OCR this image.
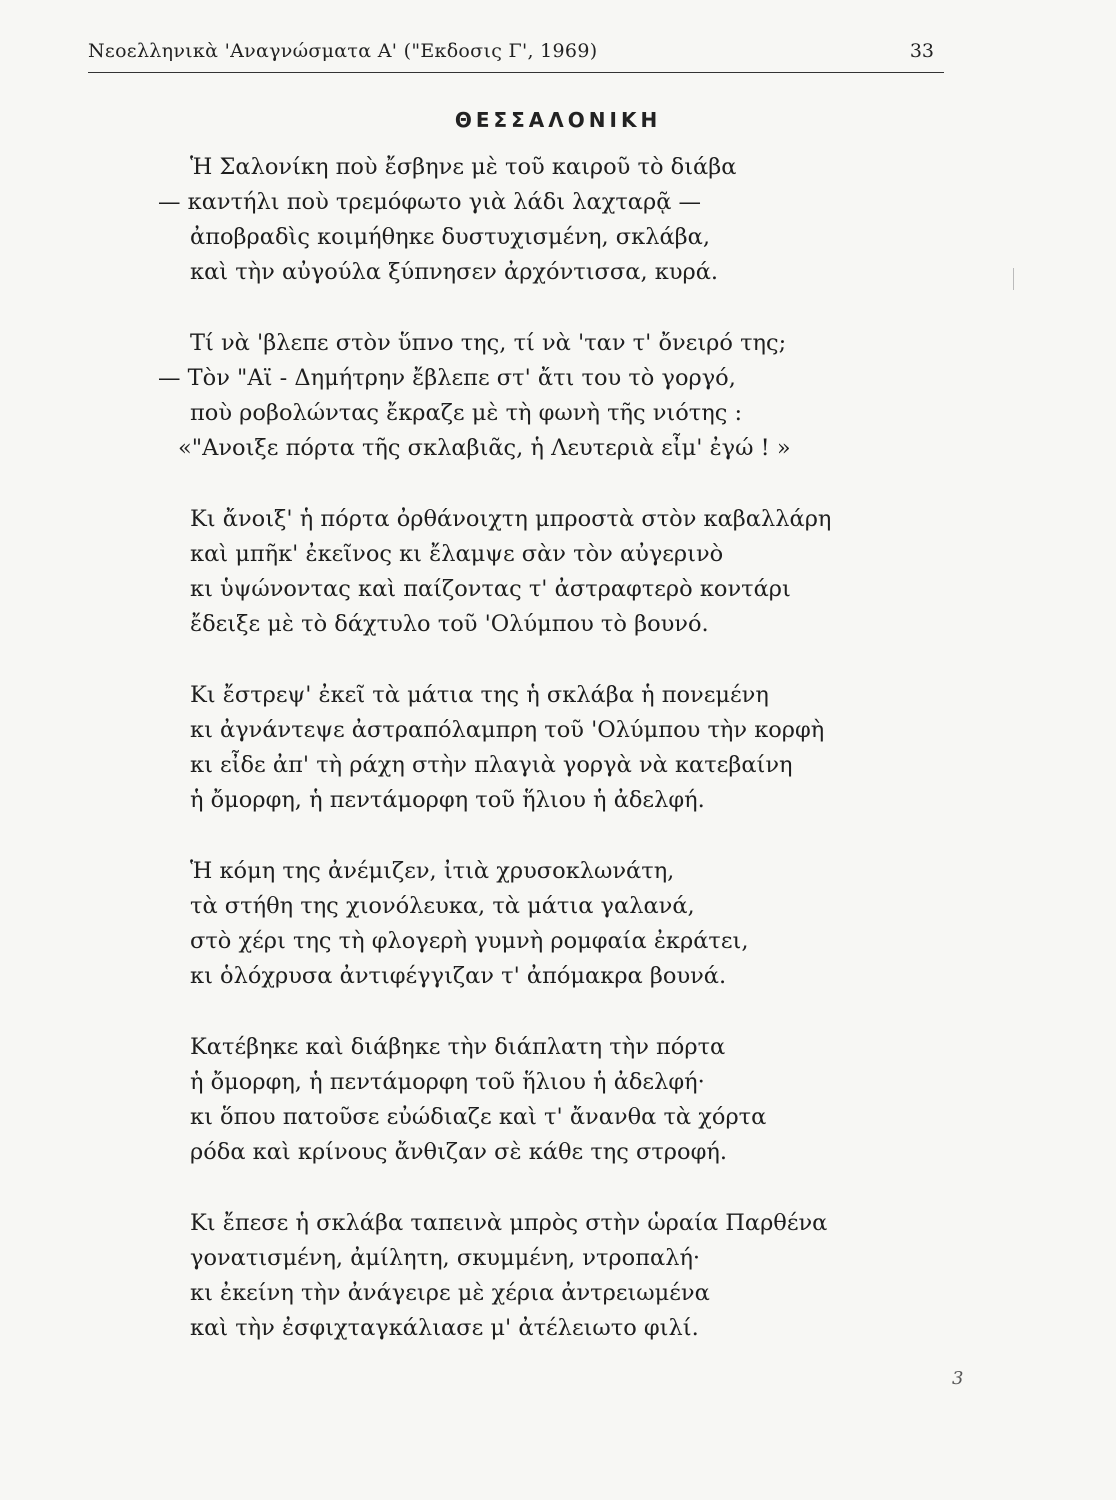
Νεοελληνικὰ 'Αναγνώσματα Α' ("Εκδοσις Γ', 1969)	33
ΘΕΣΣΑΛΟΝΙΚΗ
Ἡ Σαλονίκη ποὺ ἔσβηνε μὲ τοῦ καιροῦ τὸ διάβα
— καντήλι ποὺ τρεμόφωτο γιὰ λάδι λαχταρᾷ —
ἀποβραδὶς κοιμήθηκε δυστυχισμένη, σκλάβα,
καὶ τὴν αὐγούλα ξύπνησεν ἀρχόντισσα, κυρά.
Τί νὰ 'βλεπε στὸν ὕπνο της, τί νὰ 'ταν τ' ὄνειρό της;
— Τὸν "Αϊ - Δημήτρην ἔβλεπε στ' ἄτι του τὸ γοργό,
ποὺ ροβολώντας ἔκραζε μὲ τὴ φωνὴ τῆς νιότης :
«"Ανοιξε πόρτα τῆς σκλαβιᾶς, ἡ Λευτεριὰ εἶμ' ἐγώ ! »
Κι ἄνοιξ' ἡ πόρτα ὀρθάνοιχτη μπροστὰ στὸν καβαλλάρη
καὶ μπῆκ' ἐκεῖνος κι ἔλαμψε σὰν τὸν αὐγερινὸ
κι ὑψώνοντας καὶ παίζοντας τ' ἀστραφτερὸ κοντάρι
ἔδειξε μὲ τὸ δάχτυλο τοῦ 'Ολύμπου τὸ βουνό.
Κι ἔστρεψ' ἐκεῖ τὰ μάτια της ἡ σκλάβα ἡ πονεμένη
κι ἀγνάντεψε ἀστραπόλαμπρη τοῦ 'Ολύμπου τὴν κορφὴ
κι εἶδε ἀπ' τὴ ράχη στὴν πλαγιὰ γοργὰ νὰ κατεβαίνη
ἡ ὄμορφη, ἡ πεντάμορφη τοῦ ἥλιου ἡ ἀδελφή.
Ἡ κόμη της ἀνέμιζεν, ἰτιὰ χρυσοκλωνάτη,
τὰ στήθη της χιονόλευκα, τὰ μάτια γαλανά,
στὸ χέρι της τὴ φλογερὴ γυμνὴ ρομφαία ἐκράτει,
κι ὁλόχρυσα ἀντιφέγγιζαν τ' ἀπόμακρα βουνά.
Κατέβηκε καὶ διάβηκε τὴν διάπλατη τὴν πόρτα
ἡ ὄμορφη, ἡ πεντάμορφη τοῦ ἥλιου ἡ ἀδελφή·
κι ὅπου πατοῦσε εὐώδιαζε καὶ τ' ἄνανθα τὰ χόρτα
ρόδα καὶ κρίνους ἄνθιζαν σὲ κάθε της στροφή.
Κι ἔπεσε ἡ σκλάβα ταπεινὰ μπρὸς στὴν ὡραία Παρθένα
γονατισμένη, ἀμίλητη, σκυμμένη, ντροπαλή·
κι ἐκείνη τὴν ἀνάγειρε μὲ χέρια ἀντρειωμένα
καὶ τὴν ἐσφιχταγκάλιασε μ' ἀτέλειωτο φιλί.
3
